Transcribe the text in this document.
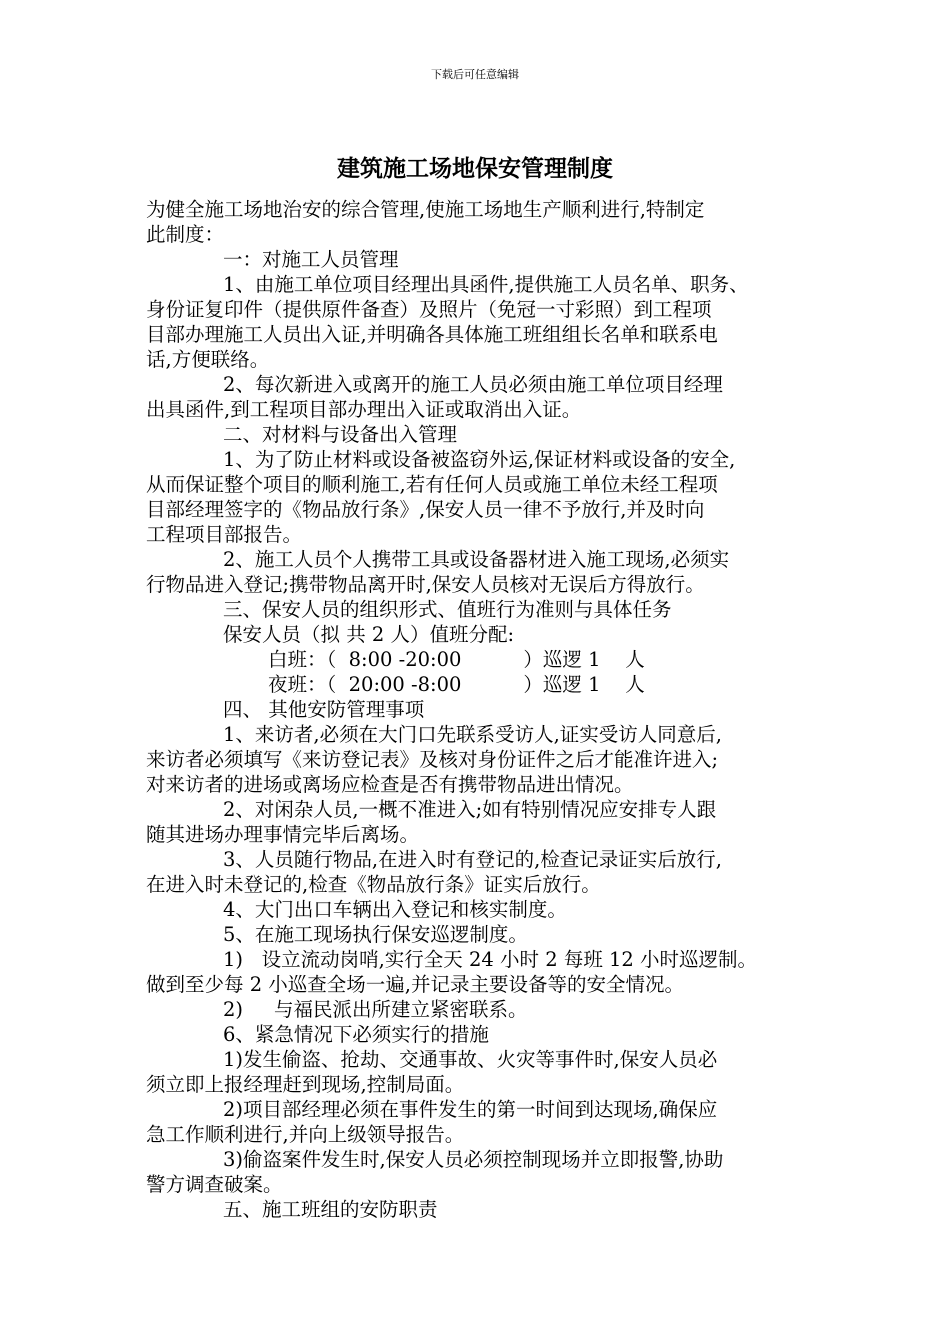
下载后可任意编辑
建筑施工场地保安管理制度
为健全施工场地治安的综合管理,使施工场地生产顺利进行,特制定
此制度：
一：对施工人员管理
1、由施工单位项目经理出具函件,提供施工人员名单、职务、
身份证复印件（提供原件备查）及照片（免冠一寸彩照）到工程项
目部办理施工人员出入证,并明确各具体施工班组组长名单和联系电
话,方便联络。
2、每次新进入或离开的施工人员必须由施工单位项目经理
出具函件,到工程项目部办理出入证或取消出入证。
二、对材料与设备出入管理
1、为了防止材料或设备被盗窃外运,保证材料或设备的安全,
从而保证整个项目的顺利施工,若有任何人员或施工单位未经工程项
目部经理签字的《物品放行条》,保安人员一律不予放行,并及时向
工程项目部报告。
2、施工人员个人携带工具或设备器材进入施工现场,必须实
行物品进入登记;携带物品离开时,保安人员核对无误后方得放行。
三、保安人员的组织形式、值班行为准则与具体任务
保安人员（拟 共 2 人）值班分配:
白班：（  8:00 -20:00          ）巡逻 1    人
夜班：（  20:00 -8:00          ）巡逻 1    人
四、 其他安防管理事项
1、来访者,必须在大门口先联系受访人,证实受访人同意后,
来访者必须填写《来访登记表》及核对身份证件之后才能准许进入;
对来访者的进场或离场应检查是否有携带物品进出情况。
2、对闲杂人员,一概不准进入;如有特别情况应安排专人跟
随其进场办理事情完毕后离场。
3、人员随行物品,在进入时有登记的,检查记录证实后放行,
在进入时未登记的,检查《物品放行条》证实后放行。
4、大门出口车辆出入登记和核实制度。
5、在施工现场执行保安巡逻制度。
1)   设立流动岗哨,实行全天 24 小时 2 每班 12 小时巡逻制。
做到至少每 2 小巡查全场一遍,并记录主要设备等的安全情况。
2)     与福民派出所建立紧密联系。
6、紧急情况下必须实行的措施
1)发生偷盗、抢劫、交通事故、火灾等事件时,保安人员必
须立即上报经理赶到现场,控制局面。
2)项目部经理必须在事件发生的第一时间到达现场,确保应
急工作顺利进行,并向上级领导报告。
3)偷盗案件发生时,保安人员必须控制现场并立即报警,协助
警方调查破案。
五、施工班组的安防职责
